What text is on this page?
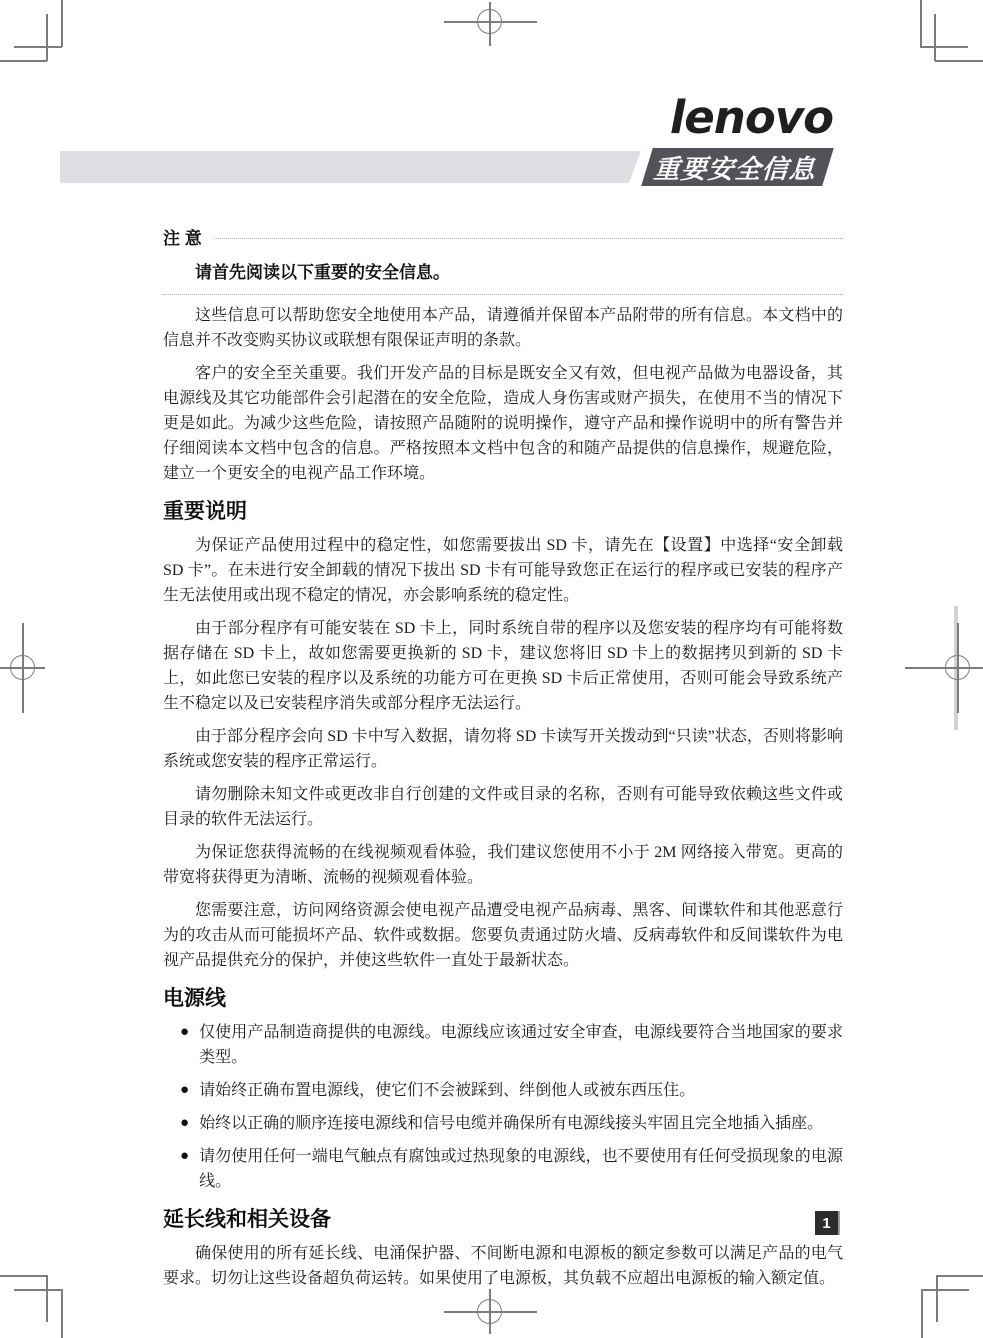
lenovo
重要安全信息
注 意
请首先阅读以下重要的安全信息。

这些信息可以帮助您安全地使用本产品，请遵循并保留本产品附带的所有信息。本文档中的信息并不改变购买协议或联想有限保证声明的条款。

客户的安全至关重要。我们开发产品的目标是既安全又有效，但电视产品做为电器设备，其电源线及其它功能部件会引起潜在的安全危险，造成人身伤害或财产损失，在使用不当的情况下更是如此。为减少这些危险，请按照产品随附的说明操作，遵守产品和操作说明中的所有警告并仔细阅读本文档中包含的信息。严格按照本文档中包含的和随产品提供的信息操作，规避危险，建立一个更安全的电视产品工作环境。

重要说明

为保证产品使用过程中的稳定性，如您需要拔出 SD 卡，请先在【设置】中选择“安全卸载 SD 卡”。在未进行安全卸载的情况下拔出 SD 卡有可能导致您正在运行的程序或已安装的程序产生无法使用或出现不稳定的情况，亦会影响系统的稳定性。

由于部分程序有可能安装在 SD 卡上，同时系统自带的程序以及您安装的程序均有可能将数据存储在 SD 卡上，故如您需要更换新的 SD 卡，建议您将旧 SD 卡上的数据拷贝到新的 SD 卡上，如此您已安装的程序以及系统的功能方可在更换 SD 卡后正常使用，否则可能会导致系统产生不稳定以及已安装程序消失或部分程序无法运行。

由于部分程序会向 SD 卡中写入数据，请勿将 SD 卡读写开关拨动到“只读”状态，否则将影响系统或您安装的程序正常运行。

请勿删除未知文件或更改非自行创建的文件或目录的名称，否则有可能导致依赖这些文件或目录的软件无法运行。

为保证您获得流畅的在线视频观看体验，我们建议您使用不小于 2M 网络接入带宽。更高的带宽将获得更为清晰、流畅的视频观看体验。

您需要注意，访问网络资源会使电视产品遭受电视产品病毒、黑客、间谍软件和其他恶意行为的攻击从而可能损坏产品、软件或数据。您要负责通过防火墙、反病毒软件和反间谍软件为电视产品提供充分的保护，并使这些软件一直处于最新状态。

电源线
● 仅使用产品制造商提供的电源线。电源线应该通过安全审查，电源线要符合当地国家的要求类型。
● 请始终正确布置电源线，使它们不会被踩到、绊倒他人或被东西压住。
● 始终以正确的顺序连接电源线和信号电缆并确保所有电源线接头牢固且完全地插入插座。
● 请勿使用任何一端电气触点有腐蚀或过热现象的电源线，也不要使用有任何受损现象的电源线。
延长线和相关设备

确保使用的所有延长线、电涌保护器、不间断电源和电源板的额定参数可以满足产品的电气要求。切勿让这些设备超负荷运转。如果使用了电源板，其负载不应超出电源板的输入额定值。

1
